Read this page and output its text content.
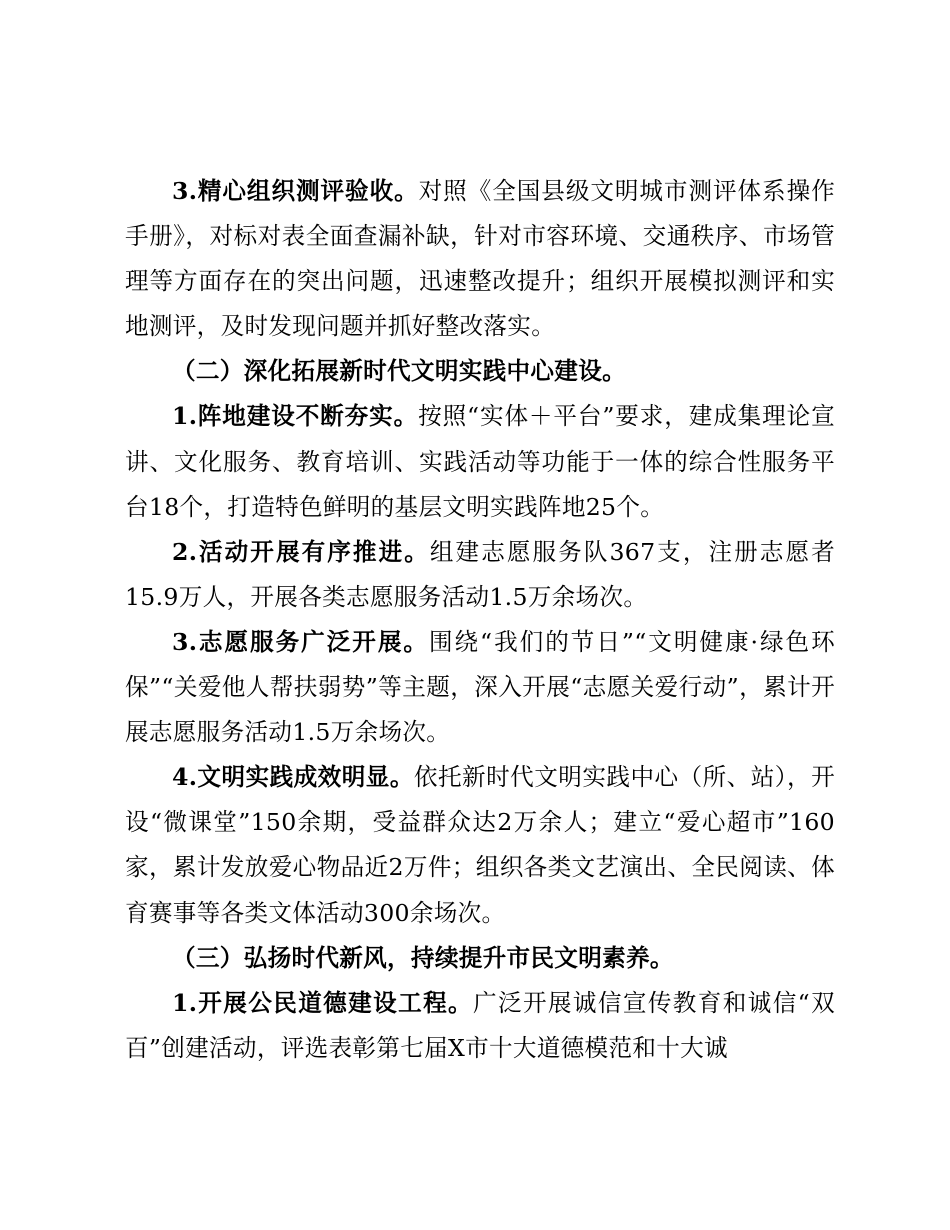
3.精心组织测评验收。对照《全国县级文明城市测评体系操作手册》，对标对表全面查漏补缺，针对市容环境、交通秩序、市场管理等方面存在的突出问题，迅速整改提升；组织开展模拟测评和实地测评，及时发现问题并抓好整改落实。

（二）深化拓展新时代文明实践中心建设。

1.阵地建设不断夯实。按照“实体＋平台”要求，建成集理论宣讲、文化服务、教育培训、实践活动等功能于一体的综合性服务平台18个，打造特色鲜明的基层文明实践阵地25个。

2.活动开展有序推进。组建志愿服务队367支，注册志愿者15.9万人，开展各类志愿服务活动1.5万余场次。

3.志愿服务广泛开展。围绕“我们的节日”“文明健康·绿色环保”“关爱他人帮扶弱势”等主题，深入开展“志愿关爱行动”，累计开展志愿服务活动1.5万余场次。

4.文明实践成效明显。依托新时代文明实践中心（所、站），开设“微课堂”150余期，受益群众达2万余人；建立“爱心超市”160家，累计发放爱心物品近2万件；组织各类文艺演出、全民阅读、体育赛事等各类文体活动300余场次。

（三）弘扬时代新风，持续提升市民文明素养。

1.开展公民道德建设工程。广泛开展诚信宣传教育和诚信“双百”创建活动，评选表彰第七届X市十大道德模范和十大诚
